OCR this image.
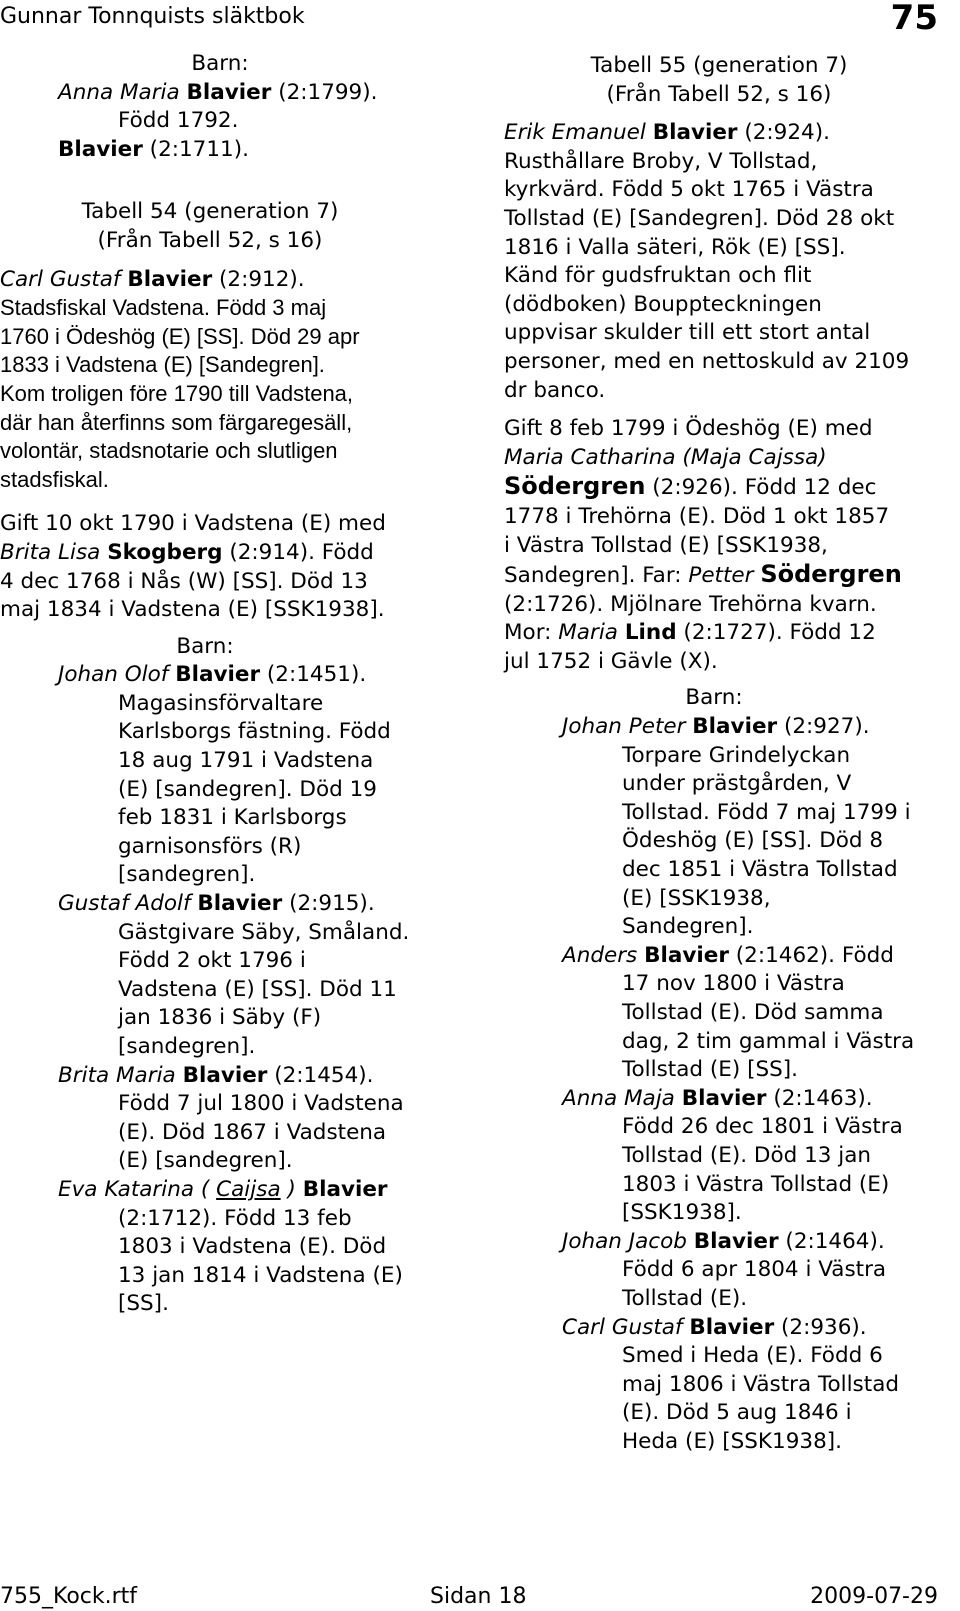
Gunnar Tonnquists släktbok	75
Barn:
Anna Maria Blavier (2:1799).
Född 1792.
Blavier (2:1711).
Tabell 54 (generation 7)
(Från Tabell 52, s 16)
Carl Gustaf Blavier (2:912).
Stadsfiskal Vadstena. Född 3 maj
1760 i Ödeshög (E) [SS]. Död 29 apr
1833 i Vadstena (E) [Sandegren].
Kom troligen före 1790 till Vadstena,
där han återfinns som färgaregesäll,
volontär, stadsnotarie och slutligen
stadsfiskal.
Gift 10 okt 1790 i Vadstena (E) med
Brita Lisa Skogberg (2:914). Född
4 dec 1768 i Nås (W) [SS]. Död 13
maj 1834 i Vadstena (E) [SSK1938].
Barn:
Johan Olof Blavier (2:1451).
Magasinsförvaltare
Karlsborgs fästning. Född
18 aug 1791 i Vadstena
(E) [sandegren]. Död 19
feb 1831 i Karlsborgs
garnisonsförs (R)
[sandegren].
Gustaf Adolf Blavier (2:915).
Gästgivare Säby, Småland.
Född 2 okt 1796 i
Vadstena (E) [SS]. Död 11
jan 1836 i Säby (F)
[sandegren].
Brita Maria Blavier (2:1454).
Född 7 jul 1800 i Vadstena
(E). Död 1867 i Vadstena
(E) [sandegren].
Eva Katarina ( Caijsa ) Blavier
(2:1712). Född 13 feb
1803 i Vadstena (E). Död
13 jan 1814 i Vadstena (E)
[SS].
Tabell 55 (generation 7)
(Från Tabell 52, s 16)
Erik Emanuel Blavier (2:924).
Rusthållare Broby, V Tollstad,
kyrkvärd. Född 5 okt 1765 i Västra
Tollstad (E) [Sandegren]. Död 28 okt
1816 i Valla säteri, Rök (E) [SS].
Känd för gudsfruktan och flit
(dödboken) Bouppteckningen
uppvisar skulder till ett stort antal
personer, med en nettoskuld av 2109
dr banco.
Gift 8 feb 1799 i Ödeshög (E) med
Maria Catharina (Maja Cajssa)
Södergren (2:926). Född 12 dec
1778 i Trehörna (E). Död 1 okt 1857
i Västra Tollstad (E) [SSK1938,
Sandegren]. Far: Petter Södergren
(2:1726). Mjölnare Trehörna kvarn.
Mor: Maria Lind (2:1727). Född 12
jul 1752 i Gävle (X).
Barn:
Johan Peter Blavier (2:927).
Torpare Grindelyckan
under prästgården, V
Tollstad. Född 7 maj 1799 i
Ödeshög (E) [SS]. Död 8
dec 1851 i Västra Tollstad
(E) [SSK1938,
Sandegren].
Anders Blavier (2:1462). Född
17 nov 1800 i Västra
Tollstad (E). Död samma
dag, 2 tim gammal i Västra
Tollstad (E) [SS].
Anna Maja Blavier (2:1463).
Född 26 dec 1801 i Västra
Tollstad (E). Död 13 jan
1803 i Västra Tollstad (E)
[SSK1938].
Johan Jacob Blavier (2:1464).
Född 6 apr 1804 i Västra
Tollstad (E).
Carl Gustaf Blavier (2:936).
Smed i Heda (E). Född 6
maj 1806 i Västra Tollstad
(E). Död 5 aug 1846 i
Heda (E) [SSK1938].
755_Kock.rtf	Sidan 18	2009-07-29
